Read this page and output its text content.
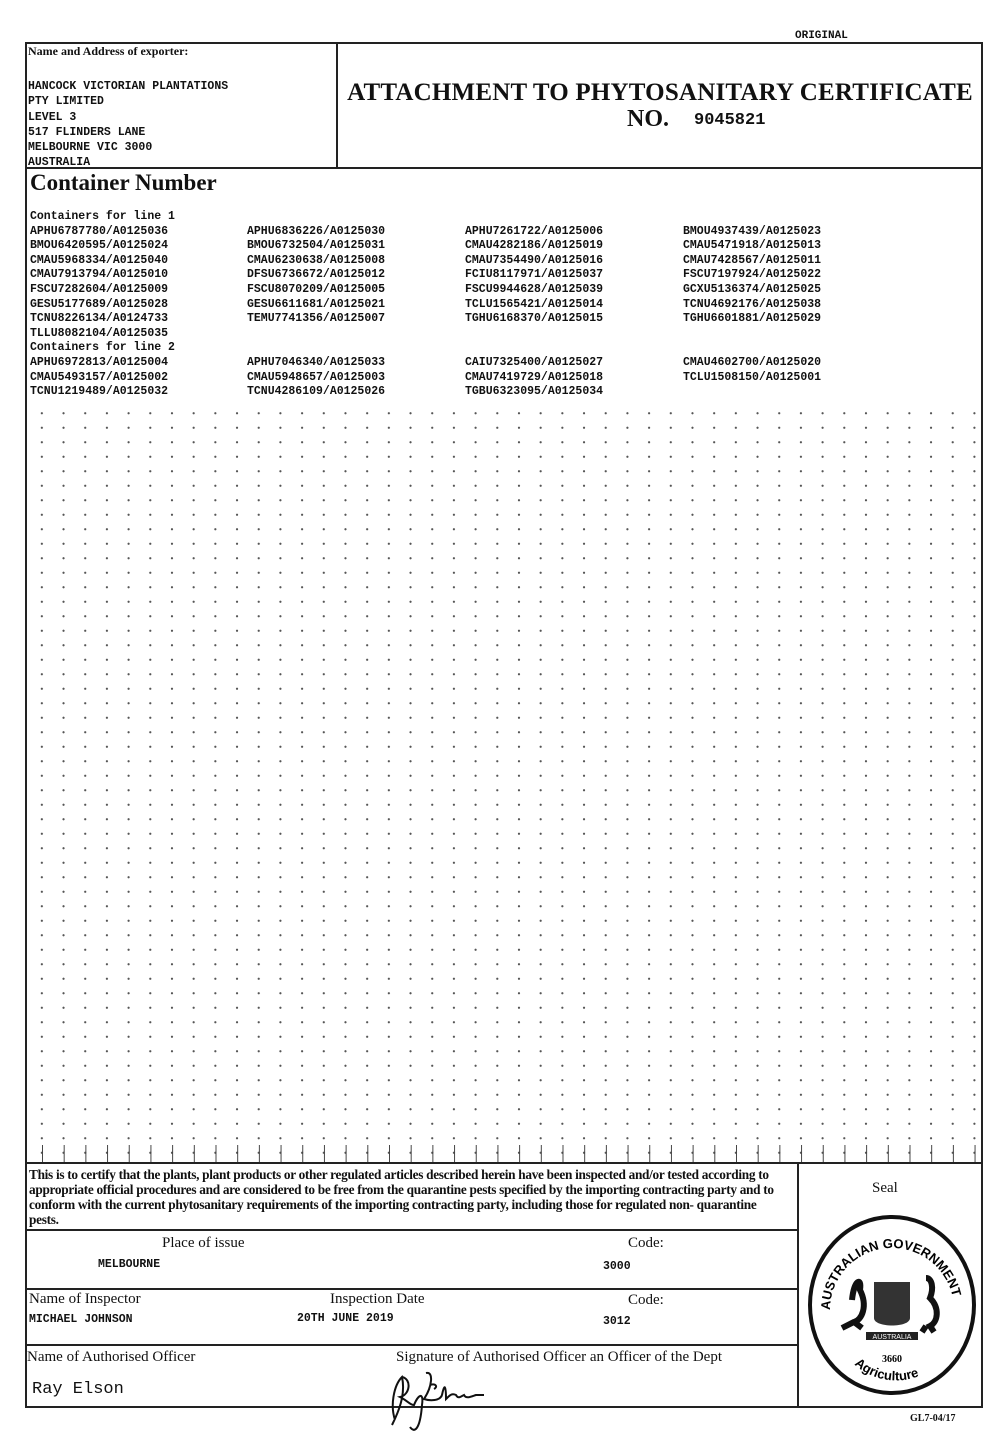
ORIGINAL
Name and Address of exporter:
HANCOCK VICTORIAN PLANTATIONS
PTY LIMITED
LEVEL 3
517 FLINDERS LANE
MELBOURNE VIC 3000
AUSTRALIA
ATTACHMENT TO PHYTOSANITARY CERTIFICATE
NO. 9045821
Container Number
Containers for line 1
APHU6787780/A0125036	APHU6836226/A0125030	APHU7261722/A0125006	BMOU4937439/A0125023
BMOU6420595/A0125024	BMOU6732504/A0125031	CMAU4282186/A0125019	CMAU5471918/A0125013
CMAU5968334/A0125040	CMAU6230638/A0125008	CMAU7354490/A0125016	CMAU7428567/A0125011
CMAU7913794/A0125010	DFSU6736672/A0125012	FCIU8117971/A0125037	FSCU7197924/A0125022
FSCU7282604/A0125009	FSCU8070209/A0125005	FSCU9944628/A0125039	GCXU5136374/A0125025
GESU5177689/A0125028	GESU6611681/A0125021	TCLU1565421/A0125014	TCNU4692176/A0125038
TCNU8226134/A0124733	TEMU7741356/A0125007	TGHU6168370/A0125015	TGHU6601881/A0125029
TLLU8082104/A0125035
Containers for line 2
APHU6972813/A0125004	APHU7046340/A0125033	CAIU7325400/A0125027	CMAU4602700/A0125020
CMAU5493157/A0125002	CMAU5948657/A0125003	CMAU7419729/A0125018	TCLU1508150/A0125001
TCNU1219489/A0125032	TCNU4286109/A0125026	TGBU6323095/A0125034
This is to certify that the plants, plant products or other regulated articles described herein have been inspected and/or tested according to appropriate official procedures and are considered to be free from the quarantine pests specified by the importing contracting party and to conform with the current phytosanitary requirements of the importing contracting party, including those for regulated non- quarantine pests.
Place of issue	Code:
MELBOURNE	3000
Name of Inspector	Inspection Date	Code:
MICHAEL JOHNSON	20TH JUNE 2019	3012
Name of Authorised Officer	Signature of Authorised Officer an Officer of the Dept
Ray Elson
Seal
AUSTRALIAN GOVERNMENT
Agriculture
AUSTRALIA
3660
GL7-04/17
